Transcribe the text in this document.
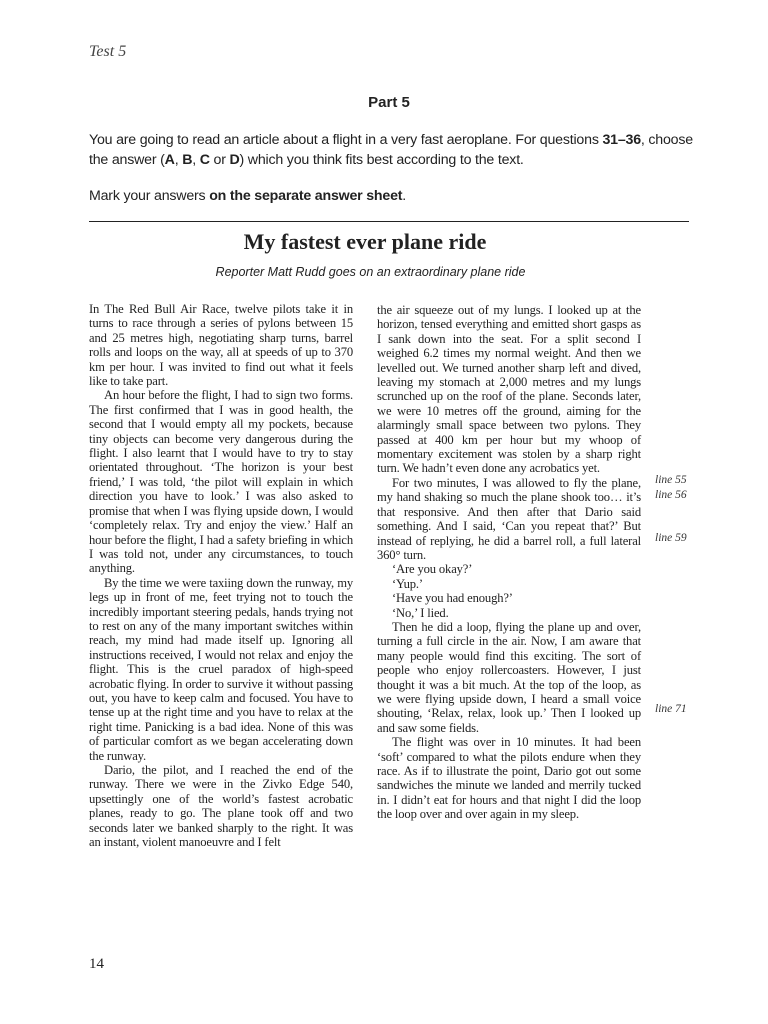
Test 5
Part 5

You are going to read an article about a flight in a very fast aeroplane. For questions 31–36, choose the answer (A, B, C or D) which you think fits best according to the text.

Mark your answers on the separate answer sheet.

My fastest ever plane ride

Reporter Matt Rudd goes on an extraordinary plane ride

In The Red Bull Air Race, twelve pilots take it in turns to race through a series of pylons between 15 and 25 metres high, negotiating sharp turns, barrel rolls and loops on the way, all at speeds of up to 370 km per hour. I was invited to find out what it feels like to take part.

An hour before the flight, I had to sign two forms. The first confirmed that I was in good health, the second that I would empty all my pockets, because tiny objects can become very dangerous during the flight. I also learnt that I would have to try to stay orientated throughout. ‘The horizon is your best friend,’ I was told, ‘the pilot will explain in which direction you have to look.’ I was also asked to promise that when I was flying upside down, I would ‘completely relax. Try and enjoy the view.’ Half an hour before the flight, I had a safety briefing in which I was told not, under any circumstances, to touch anything.

By the time we were taxiing down the runway, my legs up in front of me, feet trying not to touch the incredibly important steering pedals, hands trying not to rest on any of the many important switches within reach, my mind had made itself up. Ignoring all instructions received, I would not relax and enjoy the flight. This is the cruel paradox of high-speed acrobatic flying. In order to survive it without passing out, you have to keep calm and focused. You have to tense up at the right time and you have to relax at the right time. Panicking is a bad idea. None of this was of particular comfort as we began accelerating down the runway.

Dario, the pilot, and I reached the end of the runway. There we were in the Zivko Edge 540, upsettingly one of the world’s fastest acrobatic planes, ready to go. The plane took off and two seconds later we banked sharply to the right. It was an instant, violent manoeuvre and I felt

the air squeeze out of my lungs. I looked up at the horizon, tensed everything and emitted short gasps as I sank down into the seat. For a split second I weighed 6.2 times my normal weight. And then we levelled out. We turned another sharp left and dived, leaving my stomach at 2,000 metres and my lungs scrunched up on the roof of the plane. Seconds later, we were 10 metres off the ground, aiming for the alarmingly small space between two pylons. They passed at 400 km per hour but my whoop of momentary excitement was stolen by a sharp right turn. We hadn’t even done any acrobatics yet.

For two minutes, I was allowed to fly the plane, my hand shaking so much the plane shook too… it’s that responsive. And then after that Dario said something. And I said, ‘Can you repeat that?’ But instead of replying, he did a barrel roll, a full lateral 360° turn.

‘Are you okay?’

‘Yup.’

‘Have you had enough?’

‘No,’ I lied.

Then he did a loop, flying the plane up and over, turning a full circle in the air. Now, I am aware that many people would find this exciting. The sort of people who enjoy rollercoasters. However, I just thought it was a bit much. At the top of the loop, as we were flying upside down, I heard a small voice shouting, ‘Relax, relax, look up.’ Then I looked up and saw some fields.

The flight was over in 10 minutes. It had been ‘soft’ compared to what the pilots endure when they race. As if to illustrate the point, Dario got out some sandwiches the minute we landed and merrily tucked in. I didn’t eat for hours and that night I did the loop the loop over and over again in my sleep.

line 55
line 56
line 59
line 71
14
